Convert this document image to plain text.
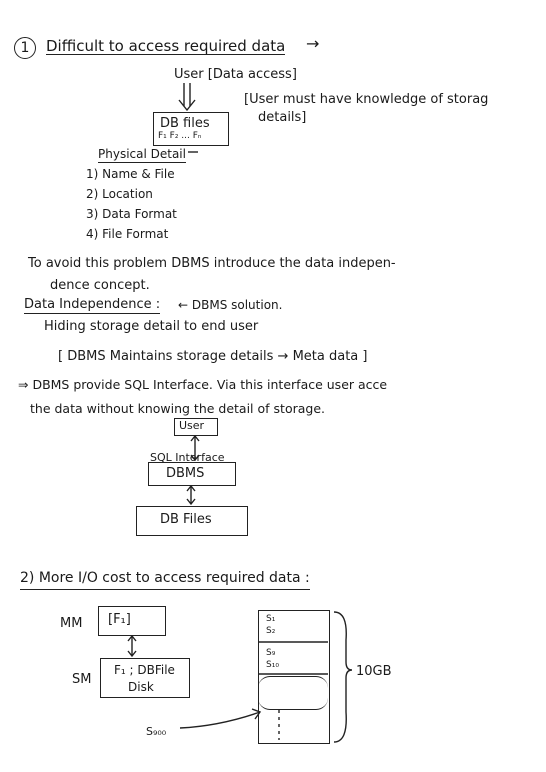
1	Difficult to access required data →
User [Data access]
[User must have knowledge of storag
details]
DB files
F₁ F₂ ... Fₙ
Physical Detail
1) Name & File
2) Location
3) Data Format
4) File Format
To avoid this problem DBMS introduce the data indepen-
dence concept.
Data Independence : ← DBMS solution.
Hiding storage detail to end user
[ DBMS Maintains storage details → Meta data ]
⇒ DBMS provide SQL Interface. Via this interface user acce
the data without knowing the detail of storage.
User
SQL Interface
DBMS
DB Files
2) More I/O cost to access required data :
MM [F₁]
SM
F₁ ; DBFile
Disk
S₉₀₀
S₁
S₂
S₉
S₁₀	10GB
